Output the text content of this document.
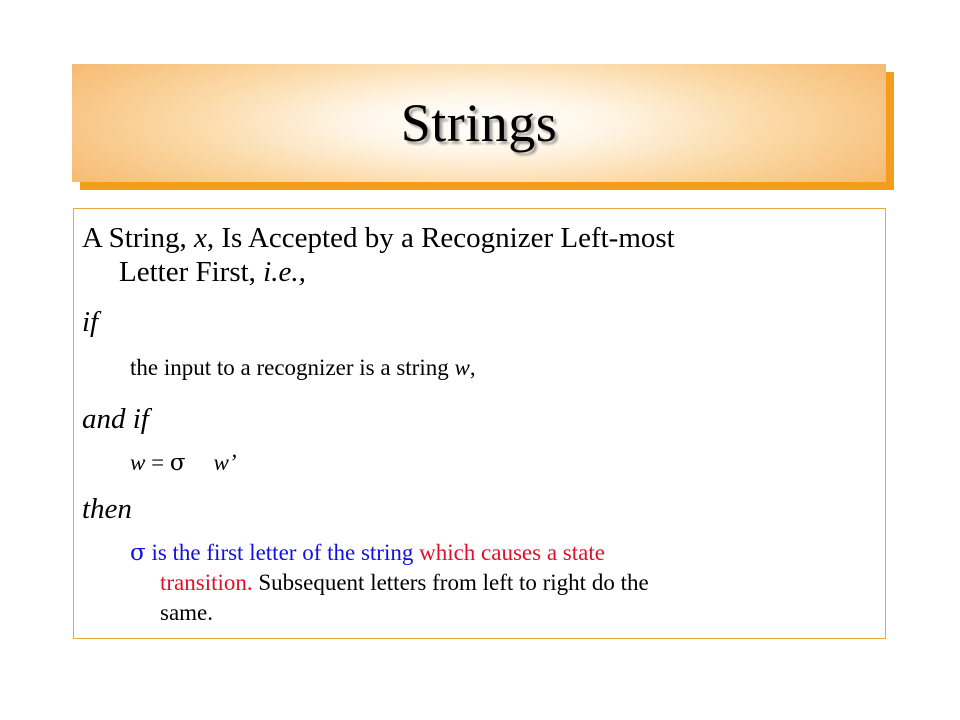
Strings
A String, x, Is Accepted by a Recognizer Left-most
Letter First, i.e.,
if
the input to a recognizer is a string w,
and if
w = σ w’
then
σ is the first letter of the string which causes a state
transition. Subsequent letters from left to right do the
same.
